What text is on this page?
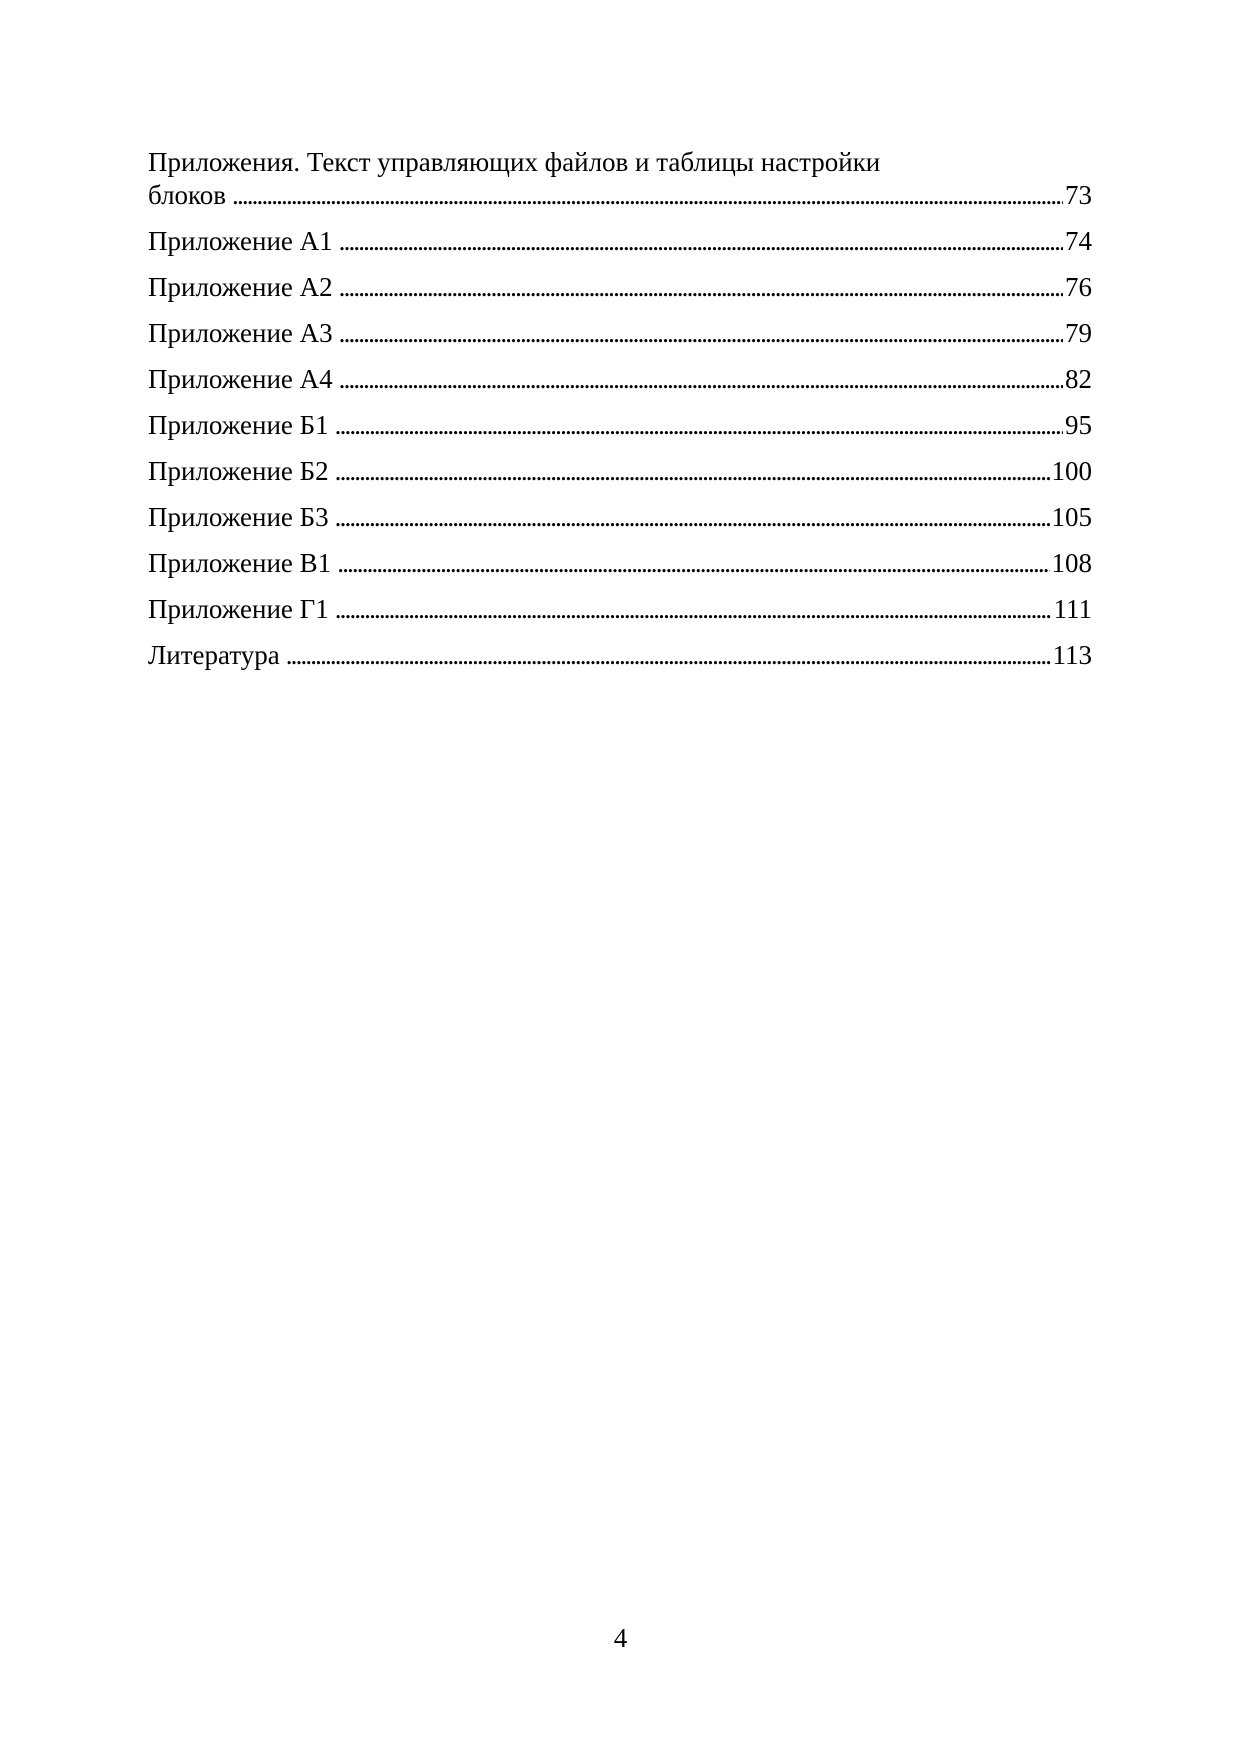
Приложения. Текст управляющих файлов и таблицы настройки
блоков . . .	73
Приложение А1 . . .	74
Приложение А2 . . .	76
Приложение А3 . . .	79
Приложение А4 . . .	82
Приложение Б1 . . .	95
Приложение Б2 . . .	100
Приложение Б3 . . .	105
Приложение В1 . . .	108
Приложение Г1 . . .	111
Литература . . .	113
4
